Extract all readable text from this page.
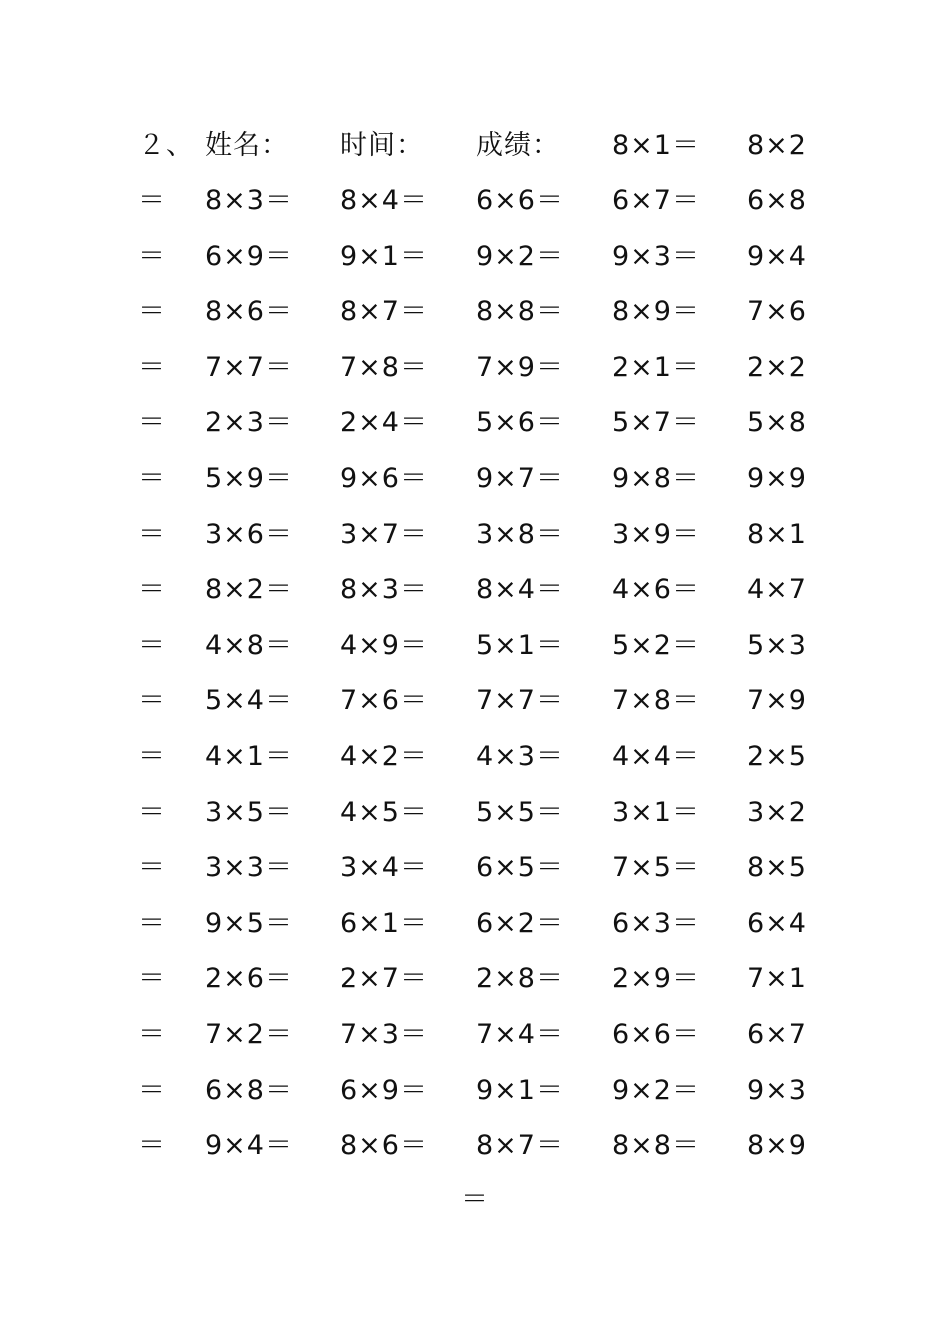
２、 姓名： 时间： 成绩： 8×1＝ 8×2
＝ 8×3＝ 8×4＝ 6×6＝ 6×7＝ 6×8
＝ 6×9＝ 9×1＝ 9×2＝ 9×3＝ 9×4
＝ 8×6＝ 8×7＝ 8×8＝ 8×9＝ 7×6
＝ 7×7＝ 7×8＝ 7×9＝ 2×1＝ 2×2
＝ 2×3＝ 2×4＝ 5×6＝ 5×7＝ 5×8
＝ 5×9＝ 9×6＝ 9×7＝ 9×8＝ 9×9
＝ 3×6＝ 3×7＝ 3×8＝ 3×9＝ 8×1
＝ 8×2＝ 8×3＝ 8×4＝ 4×6＝ 4×7
＝ 4×8＝ 4×9＝ 5×1＝ 5×2＝ 5×3
＝ 5×4＝ 7×6＝ 7×7＝ 7×8＝ 7×9
＝ 4×1＝ 4×2＝ 4×3＝ 4×4＝ 2×5
＝ 3×5＝ 4×5＝ 5×5＝ 3×1＝ 3×2
＝ 3×3＝ 3×4＝ 6×5＝ 7×5＝ 8×5
＝ 9×5＝ 6×1＝ 6×2＝ 6×3＝ 6×4
＝ 2×6＝ 2×7＝ 2×8＝ 2×9＝ 7×1
＝ 7×2＝ 7×3＝ 7×4＝ 6×6＝ 6×7
＝ 6×8＝ 6×9＝ 9×1＝ 9×2＝ 9×3
＝ 9×4＝ 8×6＝ 8×7＝ 8×8＝ 8×9
＝
